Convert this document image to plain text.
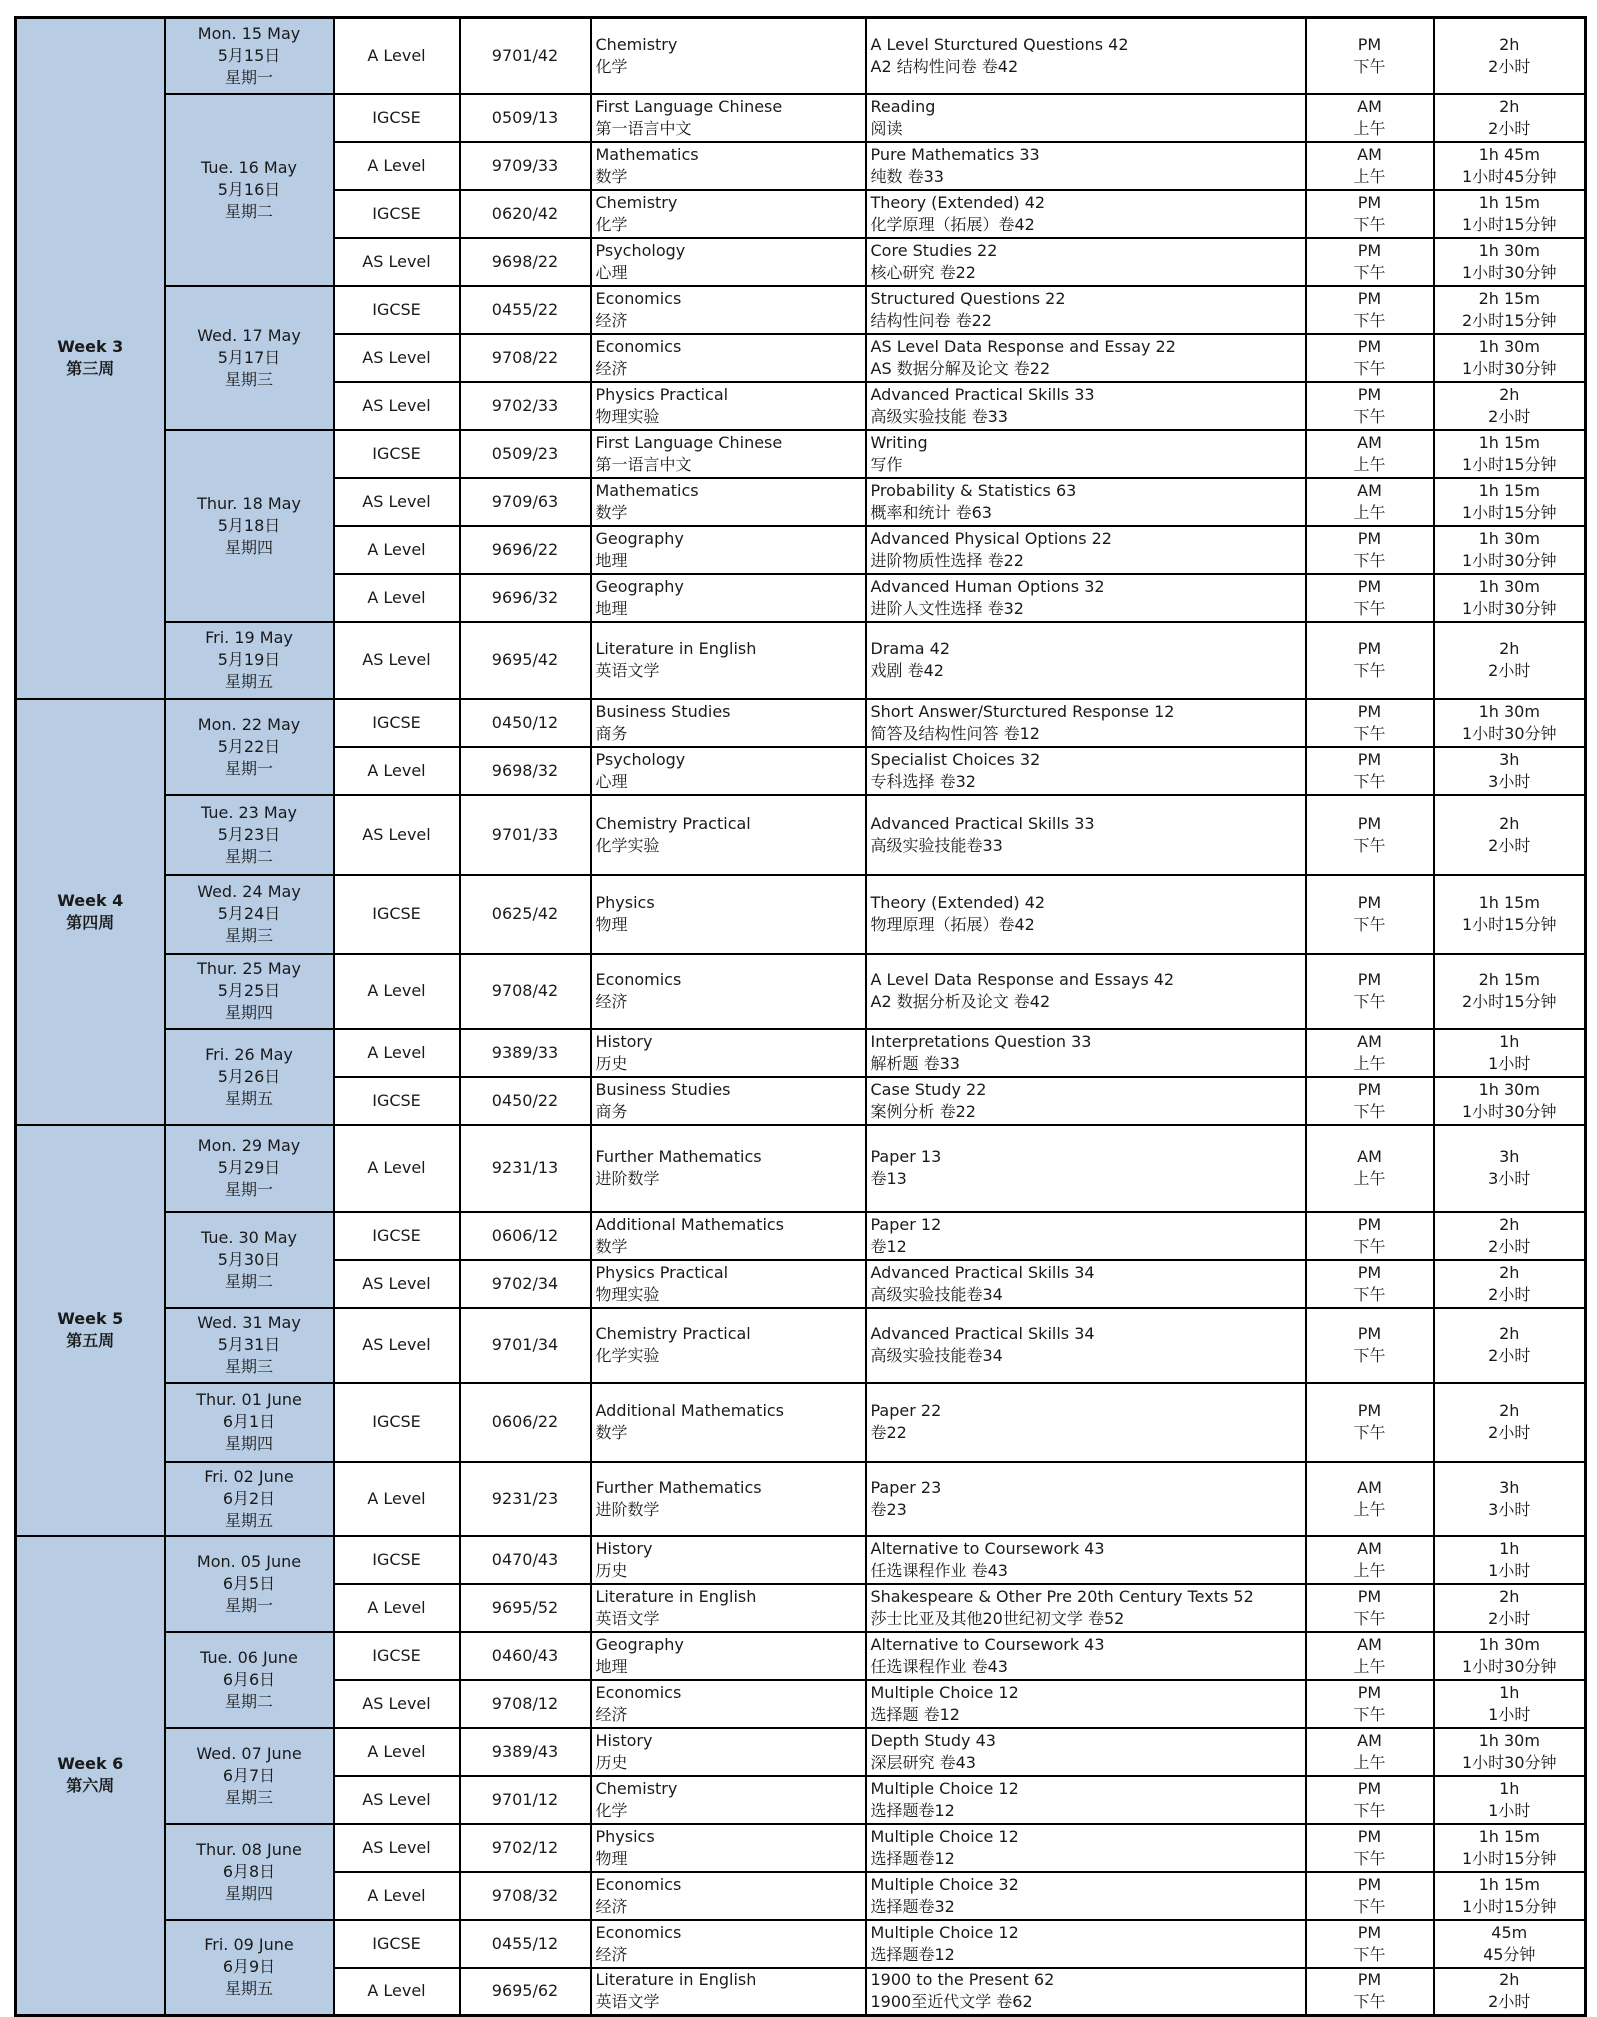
Week 3
第三周	Mon. 15 May
5月15日
星期一	A Level	9701/42	Chemistry
化学	A Level Sturctured Questions 42
A2 结构性问卷 卷42	PM
下午	2h
2小时

	Tue. 16 May
5月16日
星期二	IGCSE	0509/13	First Language Chinese
第一语言中文	Reading
阅读	AM
上午	2h
2小时

		A Level	9709/33	Mathematics
数学	Pure Mathematics 33
纯数 卷33	AM
上午	1h 45m
1小时45分钟

		IGCSE	0620/42	Chemistry
化学	Theory (Extended) 42
化学原理（拓展）卷42	PM
下午	1h 15m
1小时15分钟

		AS Level	9698/22	Psychology
心理	Core Studies 22
核心研究 卷22	PM
下午	1h 30m
1小时30分钟

	Wed. 17 May
5月17日
星期三	IGCSE	0455/22	Economics
经济	Structured Questions 22
结构性问卷 卷22	PM
下午	2h 15m
2小时15分钟

		AS Level	9708/22	Economics
经济	AS Level Data Response and Essay 22
AS 数据分解及论文 卷22	PM
下午	1h 30m
1小时30分钟

		AS Level	9702/33	Physics Practical
物理实验	Advanced Practical Skills 33
高级实验技能 卷33	PM
下午	2h
2小时

	Thur. 18 May
5月18日
星期四	IGCSE	0509/23	First Language Chinese
第一语言中文	Writing
写作	AM
上午	1h 15m
1小时15分钟

		AS Level	9709/63	Mathematics
数学	Probability & Statistics 63
概率和统计 卷63	AM
上午	1h 15m
1小时15分钟

		A Level	9696/22	Geography
地理	Advanced Physical Options 22
进阶物质性选择 卷22	PM
下午	1h 30m
1小时30分钟

		A Level	9696/32	Geography
地理	Advanced Human Options 32
进阶人文性选择 卷32	PM
下午	1h 30m
1小时30分钟

	Fri. 19 May
5月19日
星期五	AS Level	9695/42	Literature in English
英语文学	Drama 42
戏剧 卷42	PM
下午	2h
2小时

Week 4
第四周	Mon. 22 May
5月22日
星期一	IGCSE	0450/12	Business Studies
商务	Short Answer/Sturctured Response 12
简答及结构性问答 卷12	PM
下午	1h 30m
1小时30分钟

		A Level	9698/32	Psychology
心理	Specialist Choices 32
专科选择 卷32	PM
下午	3h
3小时

	Tue. 23 May
5月23日
星期二	AS Level	9701/33	Chemistry Practical
化学实验	Advanced Practical Skills 33
高级实验技能卷33	PM
下午	2h
2小时

	Wed. 24 May
5月24日
星期三	IGCSE	0625/42	Physics
物理	Theory (Extended) 42
物理原理（拓展）卷42	PM
下午	1h 15m
1小时15分钟

	Thur. 25 May
5月25日
星期四	A Level	9708/42	Economics
经济	A Level Data Response and Essays 42
A2 数据分析及论文 卷42	PM
下午	2h 15m
2小时15分钟

	Fri. 26 May
5月26日
星期五	A Level	9389/33	History
历史	Interpretations Question 33
解析题 卷33	AM
上午	1h
1小时

		IGCSE	0450/22	Business Studies
商务	Case Study 22
案例分析 卷22	PM
下午	1h 30m
1小时30分钟

Week 5
第五周	Mon. 29 May
5月29日
星期一	A Level	9231/13	Further Mathematics
进阶数学	Paper 13
卷13	AM
上午	3h
3小时

	Tue. 30 May
5月30日
星期二	IGCSE	0606/12	Additional Mathematics
数学	Paper 12
卷12	PM
下午	2h
2小时

		AS Level	9702/34	Physics Practical
物理实验	Advanced Practical Skills 34
高级实验技能卷34	PM
下午	2h
2小时

	Wed. 31 May
5月31日
星期三	AS Level	9701/34	Chemistry Practical
化学实验	Advanced Practical Skills 34
高级实验技能卷34	PM
下午	2h
2小时

	Thur. 01 June
6月1日
星期四	IGCSE	0606/22	Additional Mathematics
数学	Paper 22
卷22	PM
下午	2h
2小时

	Fri. 02 June
6月2日
星期五	A Level	9231/23	Further Mathematics
进阶数学	Paper 23
卷23	AM
上午	3h
3小时

Week 6
第六周	Mon. 05 June
6月5日
星期一	IGCSE	0470/43	History
历史	Alternative to Coursework 43
任选课程作业 卷43	AM
上午	1h
1小时

		A Level	9695/52	Literature in English
英语文学	Shakespeare & Other Pre 20th Century Texts 52
莎士比亚及其他20世纪初文学 卷52	PM
下午	2h
2小时

	Tue. 06 June
6月6日
星期二	IGCSE	0460/43	Geography
地理	Alternative to Coursework 43
任选课程作业 卷43	AM
上午	1h 30m
1小时30分钟

		AS Level	9708/12	Economics
经济	Multiple Choice 12
选择题 卷12	PM
下午	1h
1小时

	Wed. 07 June
6月7日
星期三	A Level	9389/43	History
历史	Depth Study 43
深层研究 卷43	AM
上午	1h 30m
1小时30分钟

		AS Level	9701/12	Chemistry
化学	Multiple Choice 12
选择题卷12	PM
下午	1h
1小时

	Thur. 08 June
6月8日
星期四	AS Level	9702/12	Physics
物理	Multiple Choice 12
选择题卷12	PM
下午	1h 15m
1小时15分钟

		A Level	9708/32	Economics
经济	Multiple Choice 32
选择题卷32	PM
下午	1h 15m
1小时15分钟

	Fri. 09 June
6月9日
星期五	IGCSE	0455/12	Economics
经济	Multiple Choice 12
选择题卷12	PM
下午	45m
45分钟

		A Level	9695/62	Literature in English
英语文学	1900 to the Present 62
1900至近代文学 卷62	PM
下午	2h
2小时
